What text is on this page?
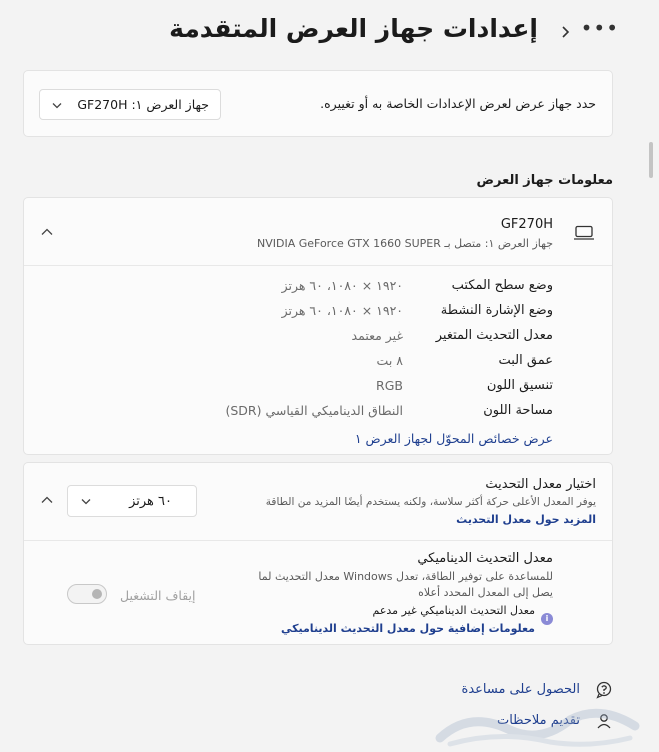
إعدادات جهاز العرض المتقدمة •••
حدد جهاز عرض لعرض الإعدادات الخاصة به أو تغييره.
جهاز العرض ١: GF270H
معلومات جهاز العرض
GF270H
جهاز العرض ١: متصل بـ NVIDIA GeForce GTX 1660 SUPER
وضع سطح المكتب
١٩٢٠ × ١٠٨٠، ٦٠ هرتز
وضع الإشارة النشطة
١٩٢٠ × ١٠٨٠، ٦٠ هرتز
معدل التحديث المتغير
غير معتمد
عمق البت
٨ بت
تنسيق اللون
RGB
مساحة اللون
النطاق الديناميكي القياسي (SDR)
عرض خصائص المحوّل لجهاز العرض ١
اختيار معدل التحديث
يوفر المعدل الأعلى حركة أكثر سلاسة، ولكنه يستخدم أيضًا المزيد من الطاقة
المزيد حول معدل التحديث
٦٠ هرتز
معدل التحديث الديناميكي
للمساعدة على توفير الطاقة، تعدل Windows معدل التحديث لما
يصل إلى المعدل المحدد أعلاه
i
معدل التحديث الديناميكي غير مدعم
معلومات إضافية حول معدل التحديث الديناميكي
إيقاف التشغيل
الحصول على مساعدة
تقديم ملاحظات
